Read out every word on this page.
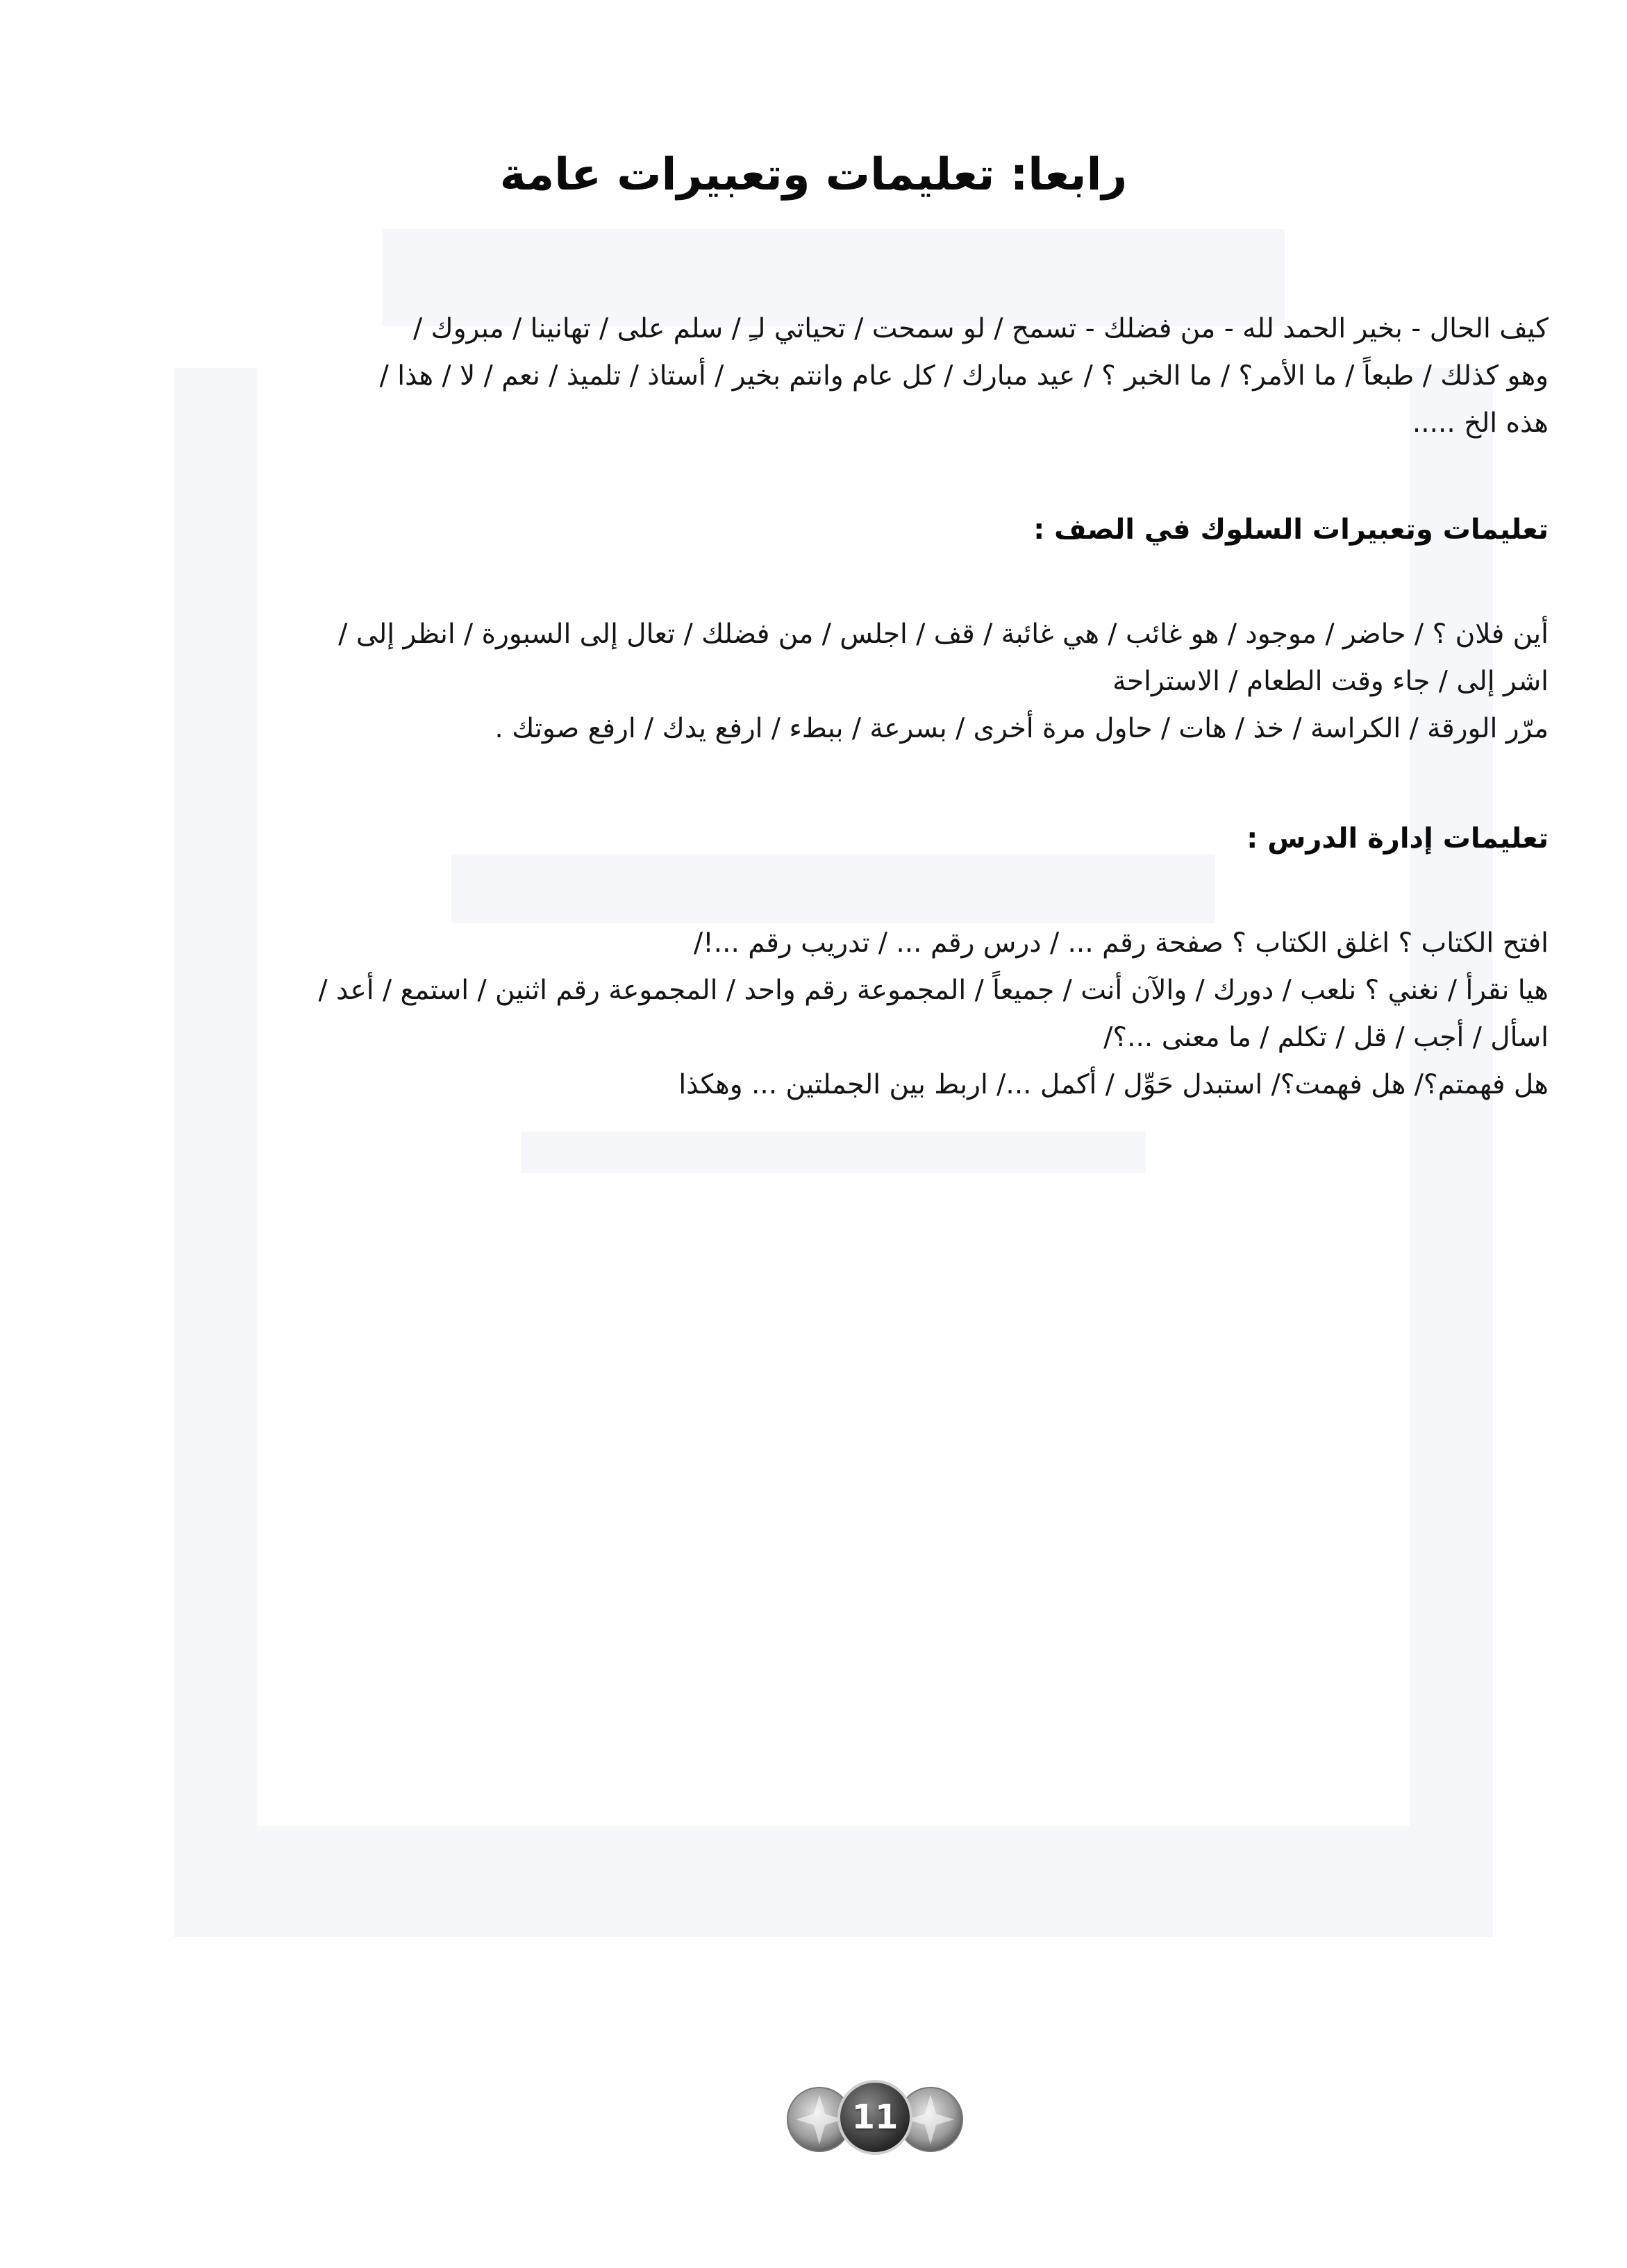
رابعا: تعليمات وتعبيرات عامة

كيف الحال - بخير الحمد لله - من فضلك - تسمح / لو سمحت / تحياتي لـِ / سلم على / تهانينا / مبروك /
وهو كذلك / طبعاً / ما الأمر؟ / ما الخبر ؟ / عيد مبارك / كل عام وانتم بخير / أستاذ / تلميذ / نعم / لا / هذا /
هذه الخ .....

تعليمات وتعبيرات السلوك في الصف :

أين فلان ؟ / حاضر / موجود / هو غائب / هي غائبة / قف / اجلس / من فضلك / تعال إلى السبورة / انظر إلى /
اشر إلى / جاء وقت الطعام / الاستراحة
مرّر الورقة / الكراسة / خذ / هات / حاول مرة أخرى / بسرعة / ببطء / ارفع يدك / ارفع صوتك .

تعليمات إدارة الدرس :

افتح الكتاب ؟ اغلق الكتاب ؟ صفحة رقم ... / درس رقم ... / تدريب رقم ...!/
هيا نقرأ / نغني ؟ نلعب / دورك / والآن أنت / جميعاً / المجموعة رقم واحد / المجموعة رقم اثنين / استمع / أعد /
اسأل / أجب / قل / تكلم / ما معنى ...؟/
هل فهمتم؟/ هل فهمت؟/ استبدل حَوِّل / أكمل .../ اربط بين الجملتين ... وهكذا

11
